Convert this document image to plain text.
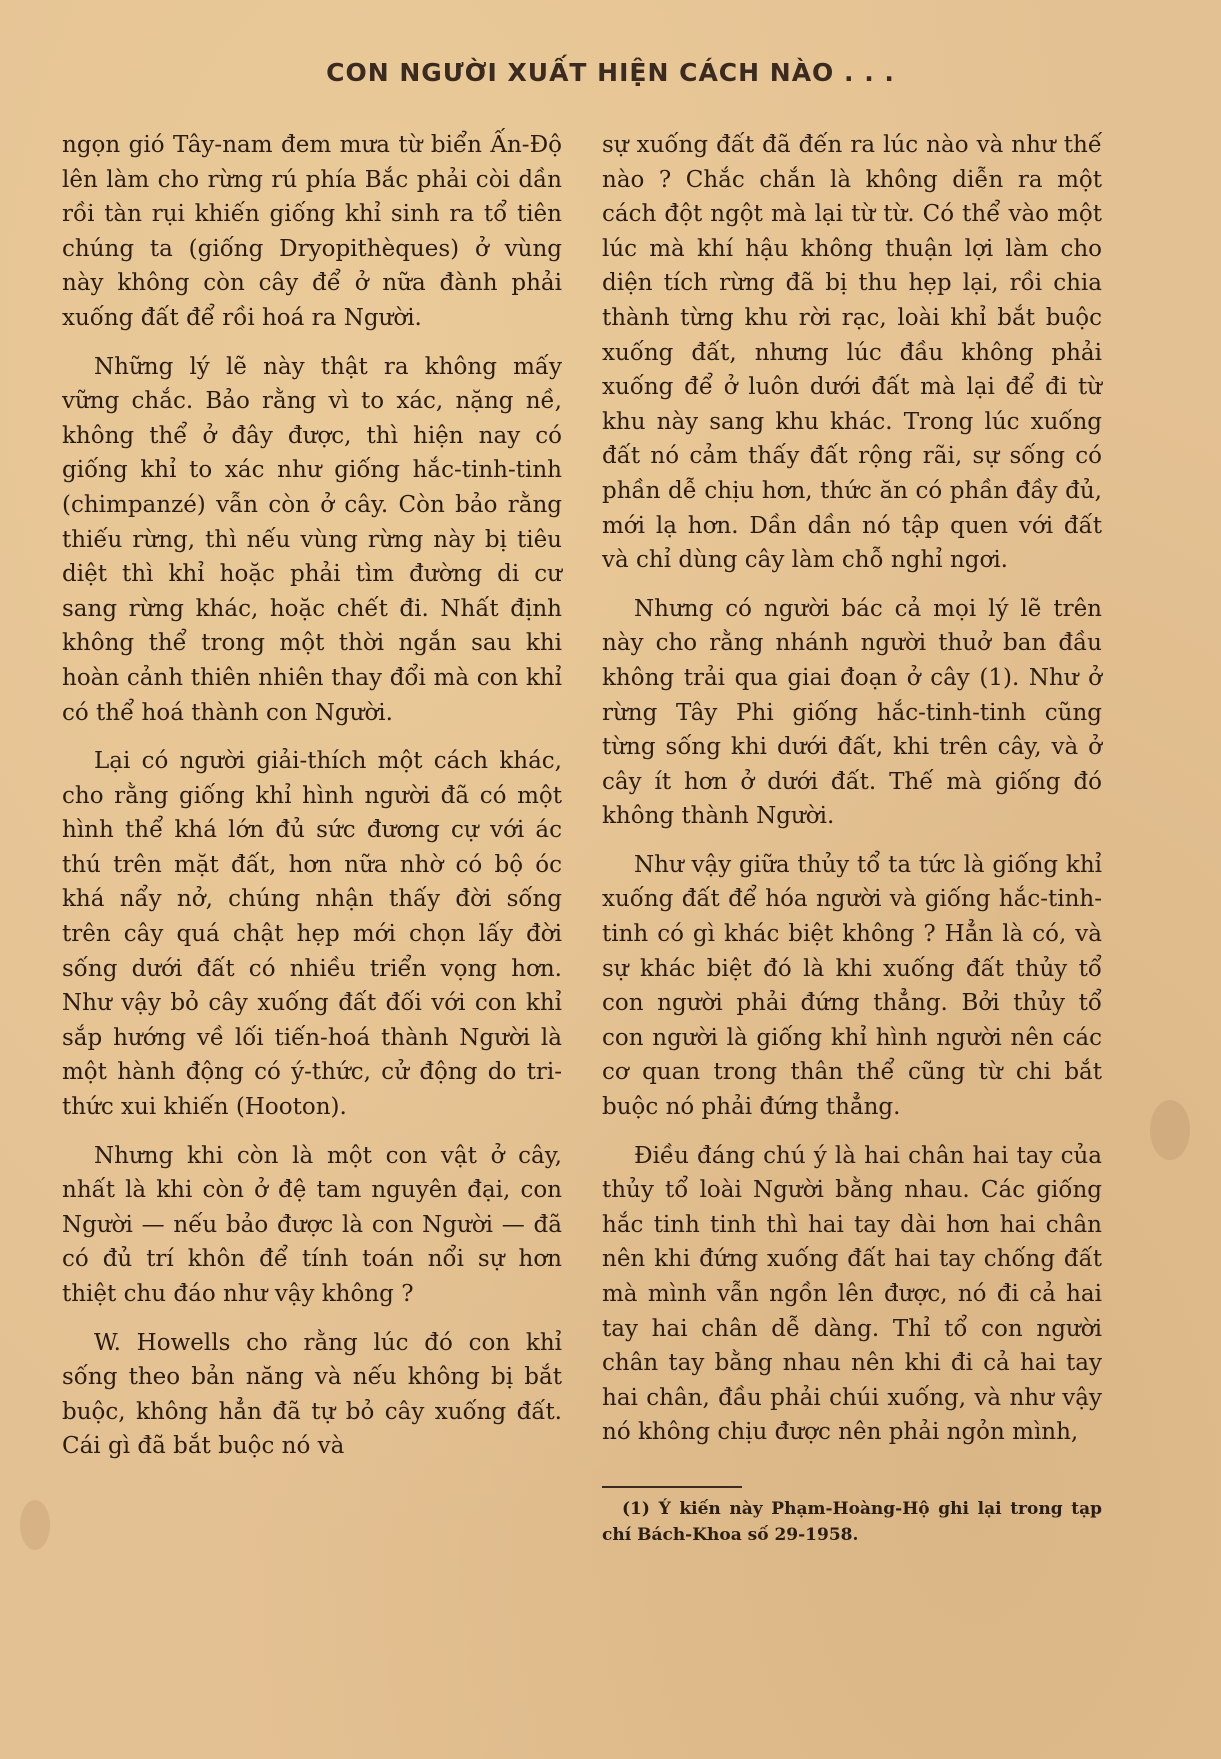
CON NGƯỜI XUẤT HIỆN CÁCH NÀO . . .

ngọn gió Tây-nam đem mưa từ biển Ấn-Độ lên làm cho rừng rú phía Bắc phải còi dần rồi tàn rụi khiến giống khỉ sinh ra tổ tiên chúng ta (giống Dryopithèques) ở vùng này không còn cây để ở nữa đành phải xuống đất để rồi hoá ra Người.

Những lý lẽ này thật ra không mấy vững chắc. Bảo rằng vì to xác, nặng nề, không thể ở đây được, thì hiện nay có giống khỉ to xác như giống hắc-tinh-tinh (chimpanzé) vẫn còn ở cây. Còn bảo rằng thiếu rừng, thì nếu vùng rừng này bị tiêu diệt thì khỉ hoặc phải tìm đường di cư sang rừng khác, hoặc chết đi. Nhất định không thể trong một thời ngắn sau khi hoàn cảnh thiên nhiên thay đổi mà con khỉ có thể hoá thành con Người.

Lại có người giải-thích một cách khác, cho rằng giống khỉ hình người đã có một hình thể khá lớn đủ sức đương cự với ác thú trên mặt đất, hơn nữa nhờ có bộ óc khá nẩy nở, chúng nhận thấy đời sống trên cây quá chật hẹp mới chọn lấy đời sống dưới đất có nhiều triển vọng hơn. Như vậy bỏ cây xuống đất đối với con khỉ sắp hướng về lối tiến-hoá thành Người là một hành động có ý-thức, cử động do tri-thức xui khiến (Hooton).

Nhưng khi còn là một con vật ở cây, nhất là khi còn ở đệ tam nguyên đại, con Người — nếu bảo được là con Người — đã có đủ trí khôn để tính toán nổi sự hơn thiệt chu đáo như vậy không ?

W. Howells cho rằng lúc đó con khỉ sống theo bản năng và nếu không bị bắt buộc, không hẳn đã tự bỏ cây xuống đất. Cái gì đã bắt buộc nó và

sự xuống đất đã đến ra lúc nào và như thế nào ? Chắc chắn là không diễn ra một cách đột ngột mà lại từ từ. Có thể vào một lúc mà khí hậu không thuận lợi làm cho diện tích rừng đã bị thu hẹp lại, rồi chia thành từng khu rời rạc, loài khỉ bắt buộc xuống đất, nhưng lúc đầu không phải xuống để ở luôn dưới đất mà lại để đi từ khu này sang khu khác. Trong lúc xuống đất nó cảm thấy đất rộng rãi, sự sống có phần dễ chịu hơn, thức ăn có phần đầy đủ, mới lạ hơn. Dần dần nó tập quen với đất và chỉ dùng cây làm chỗ nghỉ ngơi.

Nhưng có người bác cả mọi lý lẽ trên này cho rằng nhánh người thuở ban đầu không trải qua giai đoạn ở cây (1). Như ở rừng Tây Phi giống hắc-tinh-tinh cũng từng sống khi dưới đất, khi trên cây, và ở cây ít hơn ở dưới đất. Thế mà giống đó không thành Người.

Như vậy giữa thủy tổ ta tức là giống khỉ xuống đất để hóa người và giống hắc-tinh-tinh có gì khác biệt không ? Hẳn là có, và sự khác biệt đó là khi xuống đất thủy tổ con người phải đứng thẳng. Bởi thủy tổ con người là giống khỉ hình người nên các cơ quan trong thân thể cũng từ chi bắt buộc nó phải đứng thẳng.

Điều đáng chú ý là hai chân hai tay của thủy tổ loài Người bằng nhau. Các giống hắc tinh tinh thì hai tay dài hơn hai chân nên khi đứng xuống đất hai tay chống đất mà mình vẫn ngồn lên được, nó đi cả hai tay hai chân dễ dàng. Thỉ tổ con người chân tay bằng nhau nên khi đi cả hai tay hai chân, đầu phải chúi xuống, và như vậy nó không chịu được nên phải ngỏn mình,

(1) Ý kiến này Phạm-Hoàng-Hộ ghi lại trong tạp chí Bách-Khoa số 29-1958.
